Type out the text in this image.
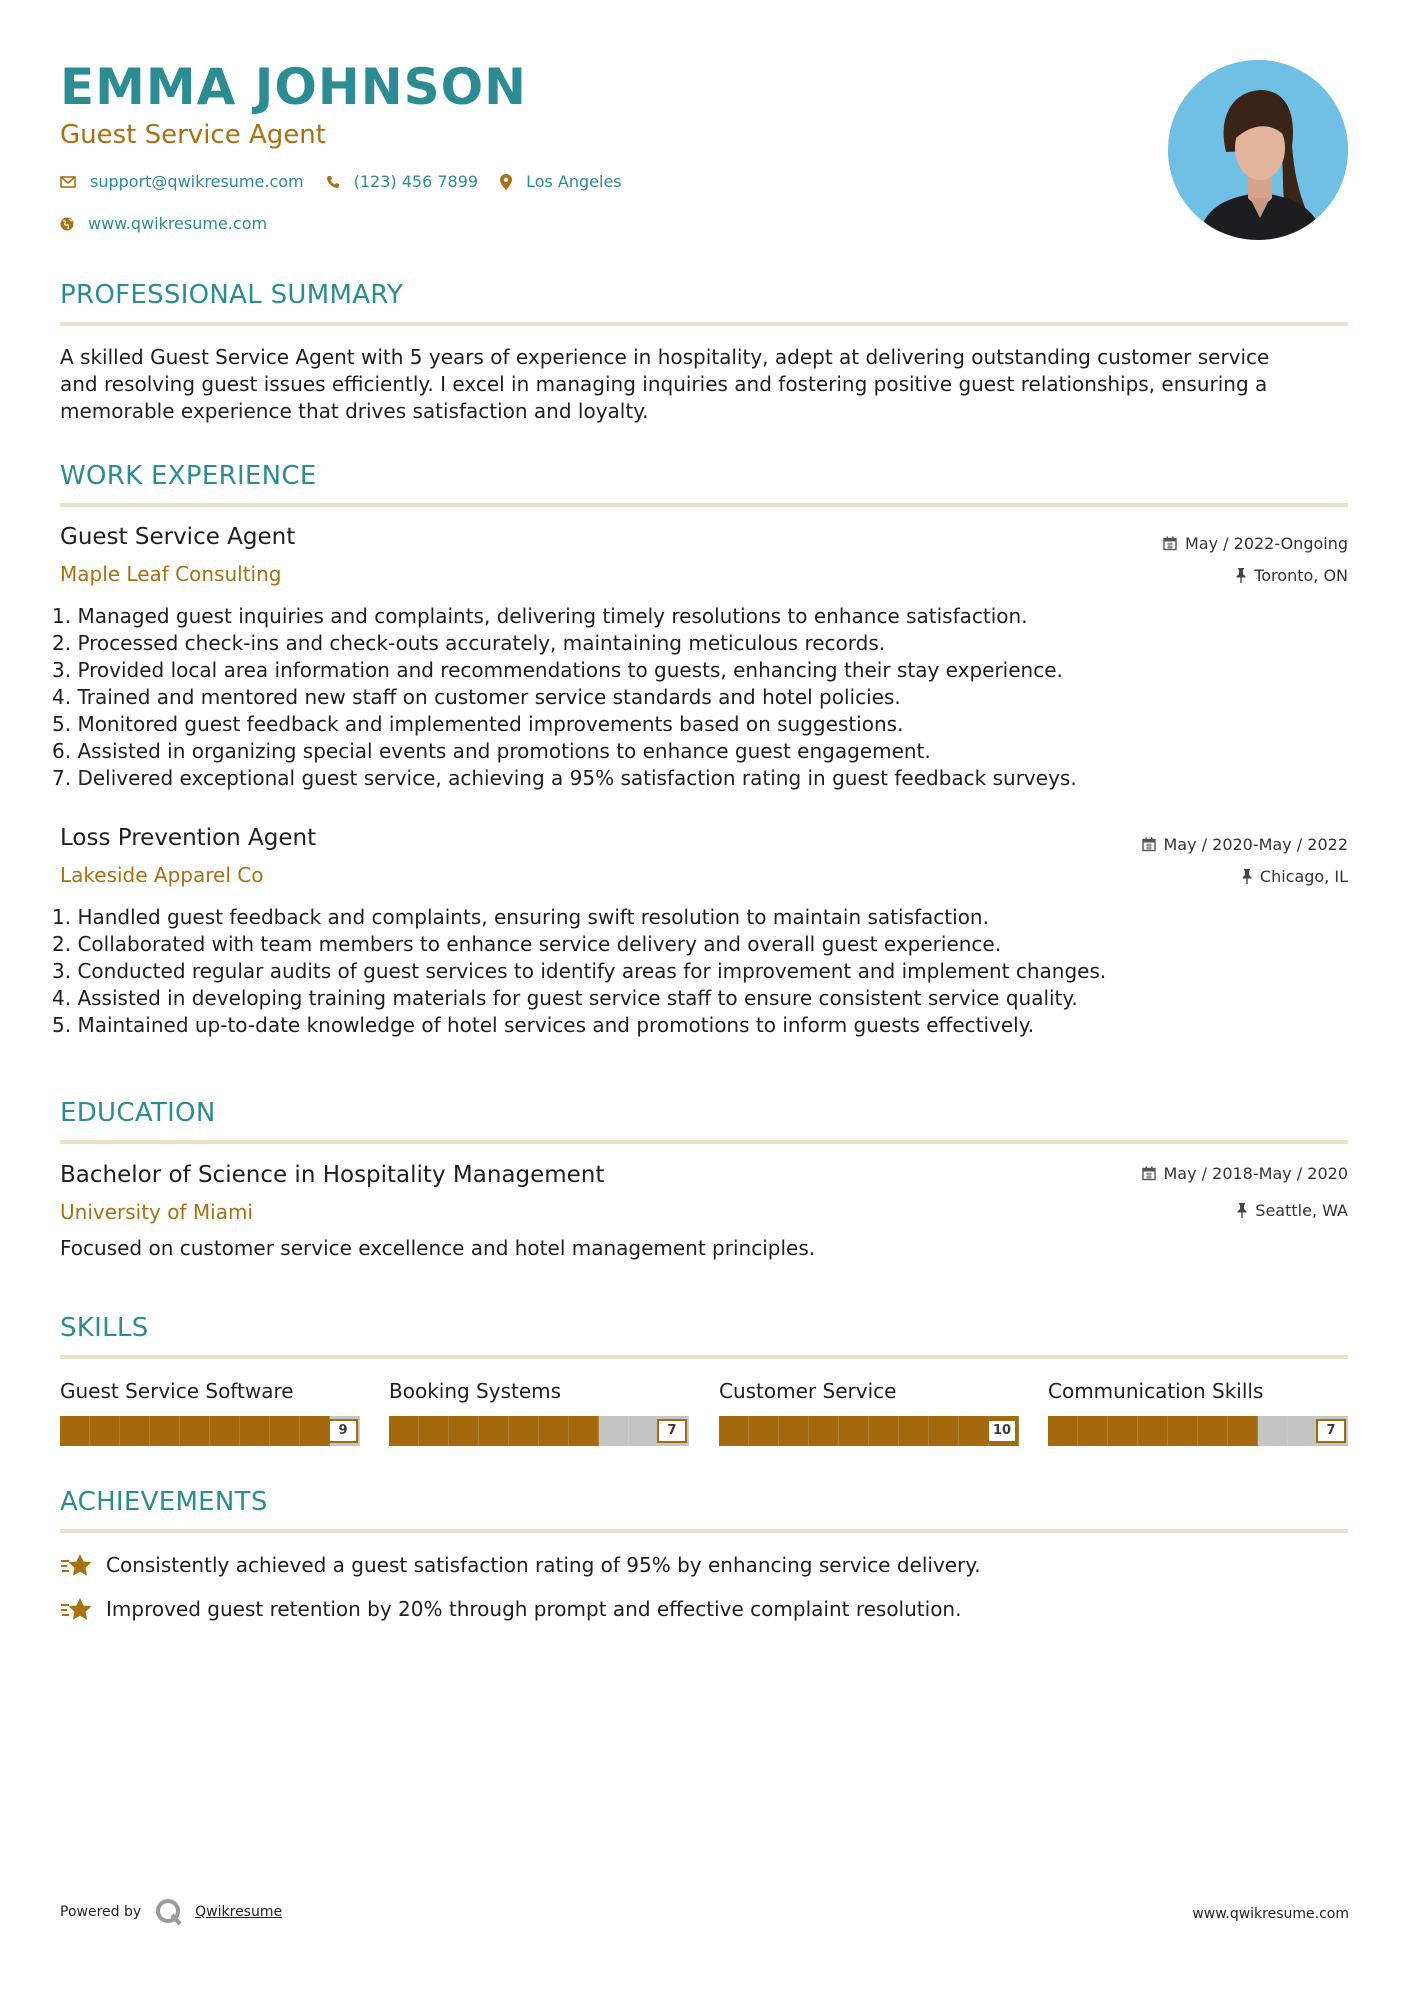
EMMA JOHNSON
Guest Service Agent
support@qwikresume.com	(123) 456 7899	Los Angeles
www.qwikresume.com
PROFESSIONAL SUMMARY
A skilled Guest Service Agent with 5 years of experience in hospitality, adept at delivering outstanding customer service
and resolving guest issues efficiently. I excel in managing inquiries and fostering positive guest relationships, ensuring a
memorable experience that drives satisfaction and loyalty.
WORK EXPERIENCE
Guest Service Agent
Maple Leaf Consulting
May / 2022-Ongoing
Toronto, ON
1. Managed guest inquiries and complaints, delivering timely resolutions to enhance satisfaction.
2. Processed check-ins and check-outs accurately, maintaining meticulous records.
3. Provided local area information and recommendations to guests, enhancing their stay experience.
4. Trained and mentored new staff on customer service standards and hotel policies.
5. Monitored guest feedback and implemented improvements based on suggestions.
6. Assisted in organizing special events and promotions to enhance guest engagement.
7. Delivered exceptional guest service, achieving a 95% satisfaction rating in guest feedback surveys.
Loss Prevention Agent
Lakeside Apparel Co
May / 2020-May / 2022
Chicago, IL
1. Handled guest feedback and complaints, ensuring swift resolution to maintain satisfaction.
2. Collaborated with team members to enhance service delivery and overall guest experience.
3. Conducted regular audits of guest services to identify areas for improvement and implement changes.
4. Assisted in developing training materials for guest service staff to ensure consistent service quality.
5. Maintained up-to-date knowledge of hotel services and promotions to inform guests effectively.
EDUCATION
Bachelor of Science in Hospitality Management
University of Miami
May / 2018-May / 2020
Seattle, WA
Focused on customer service excellence and hotel management principles.
SKILLS
Guest Service Software
9
Booking Systems
7
Customer Service
10
Communication Skills
7
ACHIEVEMENTS
Consistently achieved a guest satisfaction rating of 95% by enhancing service delivery.
Improved guest retention by 20% through prompt and effective complaint resolution.
Powered by	Qwikresume	www.qwikresume.com
